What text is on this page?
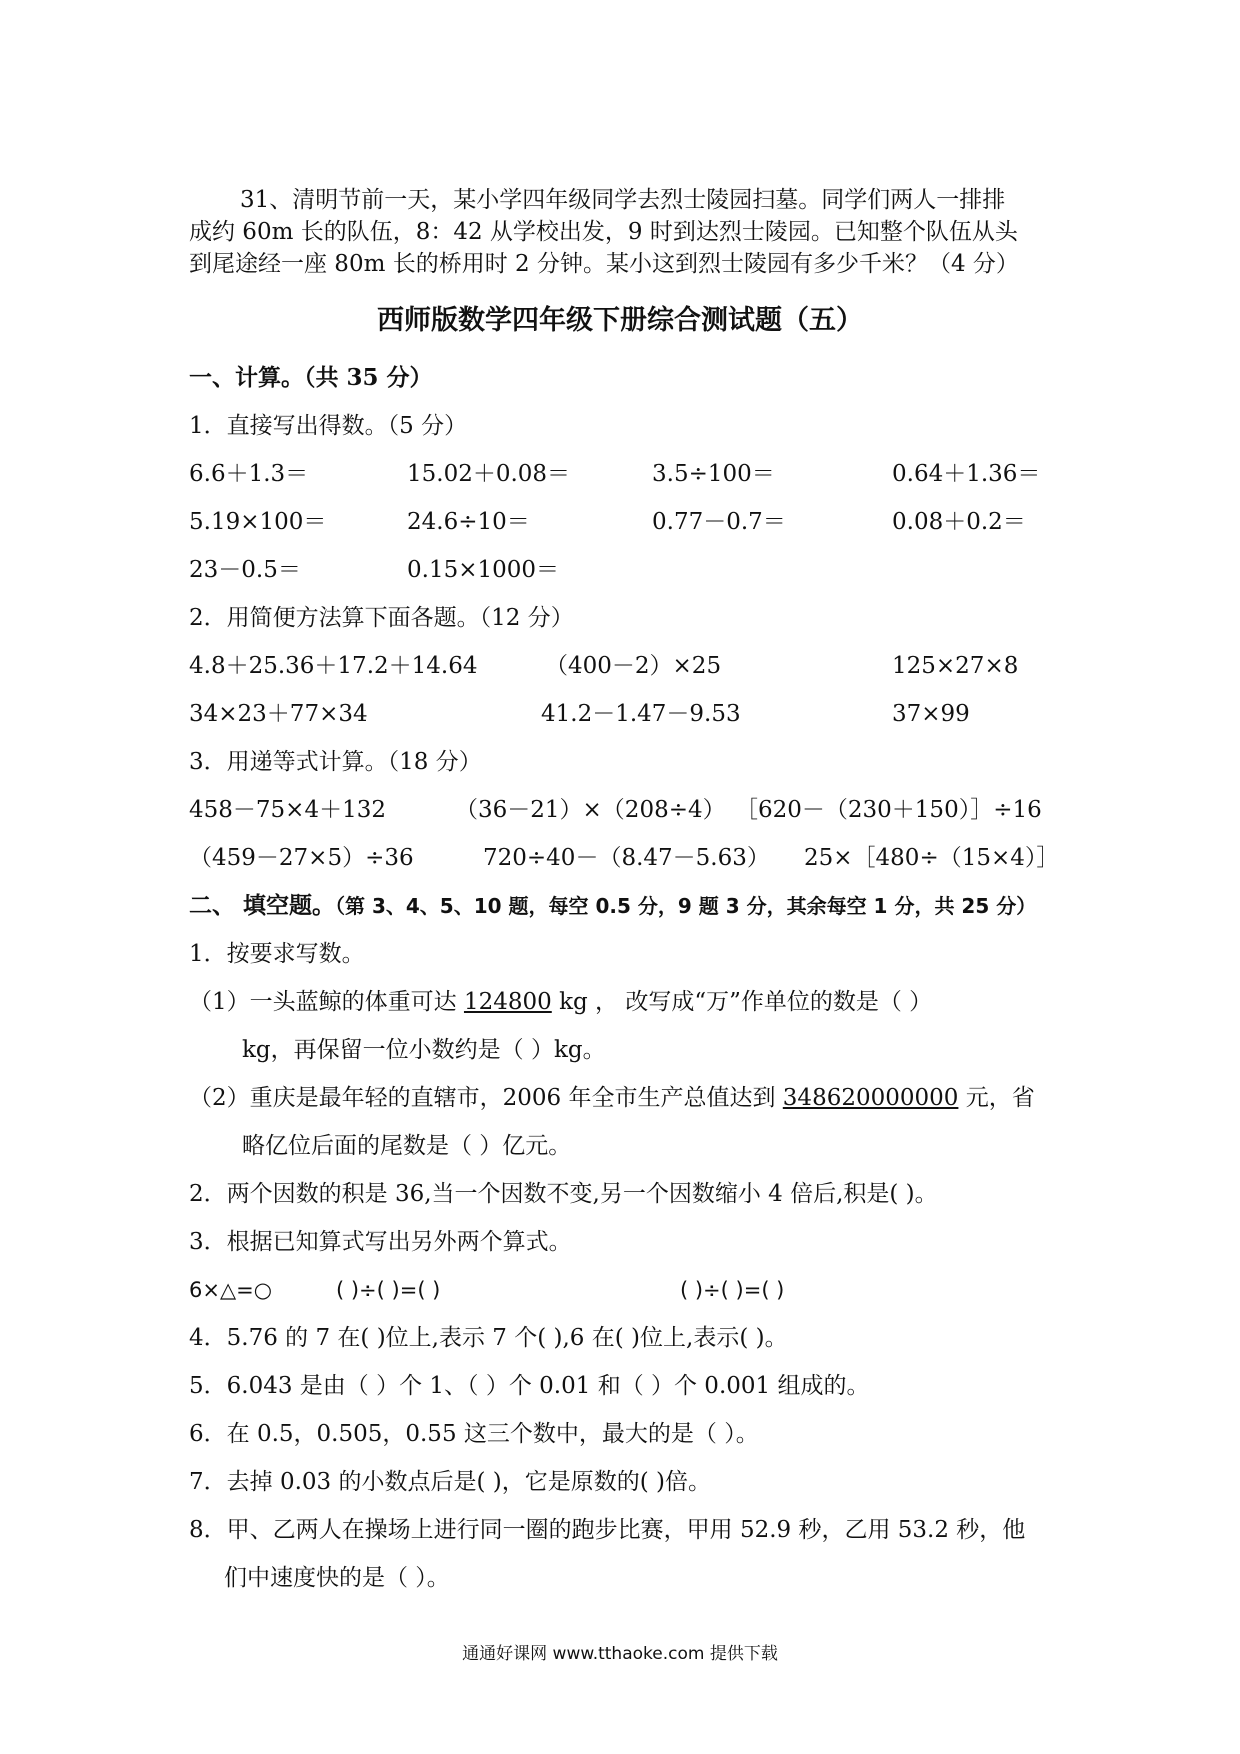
31、清明节前一天，某小学四年级同学去烈士陵园扫墓。同学们两人一排排
成约 60m 长的队伍，8：42 从学校出发，9 时到达烈士陵园。已知整个队伍从头
到尾途经一座 80m 长的桥用时 2 分钟。某小这到烈士陵园有多少千米？（4 分）
西师版数学四年级下册综合测试题（五）
一、计算。（共 35 分）
1．直接写出得数。（5 分）
6.6＋1.3＝	15.02＋0.08＝	3.5÷100＝	0.64＋1.36＝
5.19×100＝	24.6÷10＝	0.77－0.7＝	0.08＋0.2＝
23－0.5＝	0.15×1000＝
2．用简便方法算下面各题。（12 分）
4.8＋25.36＋17.2＋14.64	（400－2）×25	125×27×8
34×23＋77×34	41.2－1.47－9.53	37×99
3．用递等式计算。（18 分）
458－75×4＋132	（36－21）×（208÷4） ［620－（230＋150）］÷16
（459－27×5）÷36	720÷40－（8.47－5.63） 25×［480÷（15×4）］
二、 填空题。（第 3、4、5、10 题，每空 0.5 分，9 题 3 分，其余每空 1 分，共 25 分）
1．按要求写数。
（1）一头蓝鲸的体重可达 124800 kg ， 改写成“万”作单位的数是（ ）
kg，再保留一位小数约是（ ）kg。
（2）重庆是最年轻的直辖市，2006 年全市生产总值达到 348620000000 元，省
略亿位后面的尾数是（ ）亿元。
2．两个因数的积是 36,当一个因数不变,另一个因数缩小 4 倍后,积是( )。
3．根据已知算式写出另外两个算式。
6×△=○	( )÷( )=( )	( )÷( )=( )
4．5.76 的 7 在( )位上,表示 7 个( ),6 在( )位上,表示( )。
5．6.043 是由（ ）个 1、（ ）个 0.01 和（ ）个 0.001 组成的。
6．在 0.5，0.505，0.55 这三个数中，最大的是（ ）。
7．去掉 0.03 的小数点后是( )，它是原数的( )倍。
8．甲、乙两人在操场上进行同一圈的跑步比赛，甲用 52.9 秒，乙用 53.2 秒，他
们中速度快的是（ ）。
通通好课网 www.tthaoke.com 提供下载
